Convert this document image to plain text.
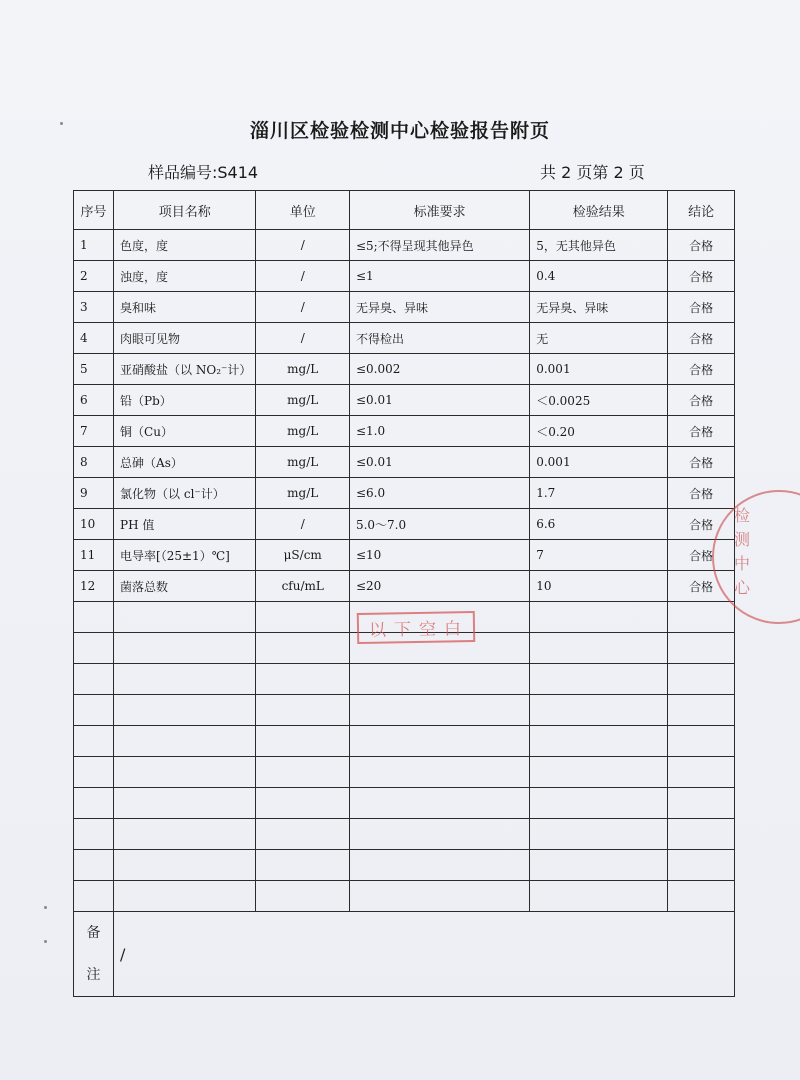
淄川区检验检测中心检验报告附页
样品编号:S414	共 2 页第 2 页
序号	项目名称	单位	标准要求	检验结果	结论
1	色度，度	/	≤5;不得呈现其他异色	5，无其他异色	合格
2	浊度，度	/	≤1	0.4	合格
3	臭和味	/	无异臭、异味	无异臭、异味	合格
4	肉眼可见物	/	不得检出	无	合格
5	亚硝酸盐（以 NO₂⁻计）	mg/L	≤0.002	0.001	合格
6	铅（Pb）	mg/L	≤0.01	＜0.0025	合格
7	铜（Cu）	mg/L	≤1.0	＜0.20	合格
8	总砷（As）	mg/L	≤0.01	0.001	合格
9	氯化物（以 cl⁻计）	mg/L	≤6.0	1.7	合格
10	PH 值	/	5.0～7.0	6.6	合格
11	电导率[（25±1）℃]	μS/cm	≤10	7	合格
12	菌落总数	cfu/mL	≤20	10	合格

备
注	/				
以下空白
检测中心
